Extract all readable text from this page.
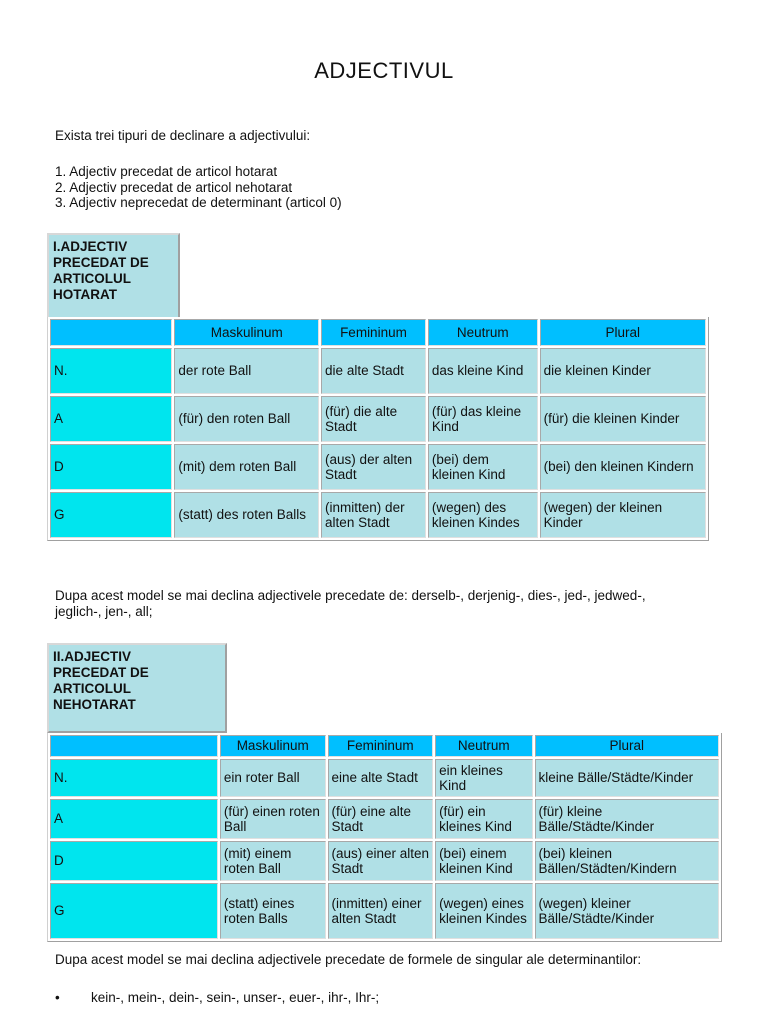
ADJECTIVUL
Exista trei tipuri de declinare a adjectivului:
1. Adjectiv precedat de articol hotarat
2. Adjectiv precedat de articol nehotarat
3. Adjectiv neprecedat de determinant (articol 0)
I.ADJECTIV
PRECEDAT DE
ARTICOLUL
HOTARAT
	Maskulinum	Femininum	Neutrum	Plural
N.	der rote Ball	die alte Stadt	das kleine Kind	die kleinen Kinder
A	(für) den roten Ball	(für) die alte Stadt	(für) das kleine Kind	(für) die kleinen Kinder
D	(mit) dem roten Ball	(aus) der alten Stadt	(bei) dem kleinen Kind	(bei) den kleinen Kindern
G	(statt) des roten Balls	(inmitten) der alten Stadt	(wegen) des kleinen Kindes	(wegen) der kleinen Kinder
Dupa acest model se mai declina adjectivele precedate de: derselb-, derjenig-, dies-, jed-, jedwed-, jeglich-, jen-, all;
II.ADJECTIV
PRECEDAT DE
ARTICOLUL
NEHOTARAT
	Maskulinum	Femininum	Neutrum	Plural
N.	ein roter Ball	eine alte Stadt	ein kleines Kind	kleine Bälle/Städte/Kinder
A	(für) einen roten Ball	(für) eine alte Stadt	(für) ein kleines Kind	(für) kleine Bälle/Städte/Kinder
D	(mit) einem roten Ball	(aus) einer alten Stadt	(bei) einem kleinen Kind	(bei) kleinen Bällen/Städten/Kindern
G	(statt) eines roten Balls	(inmitten) einer alten Stadt	(wegen) eines kleinen Kindes	(wegen) kleiner Bälle/Städte/Kinder
Dupa acest model se mai declina adjectivele precedate de formele de singular ale determinantilor:
• kein-, mein-, dein-, sein-, unser-, euer-, ihr-, Ihr-;
